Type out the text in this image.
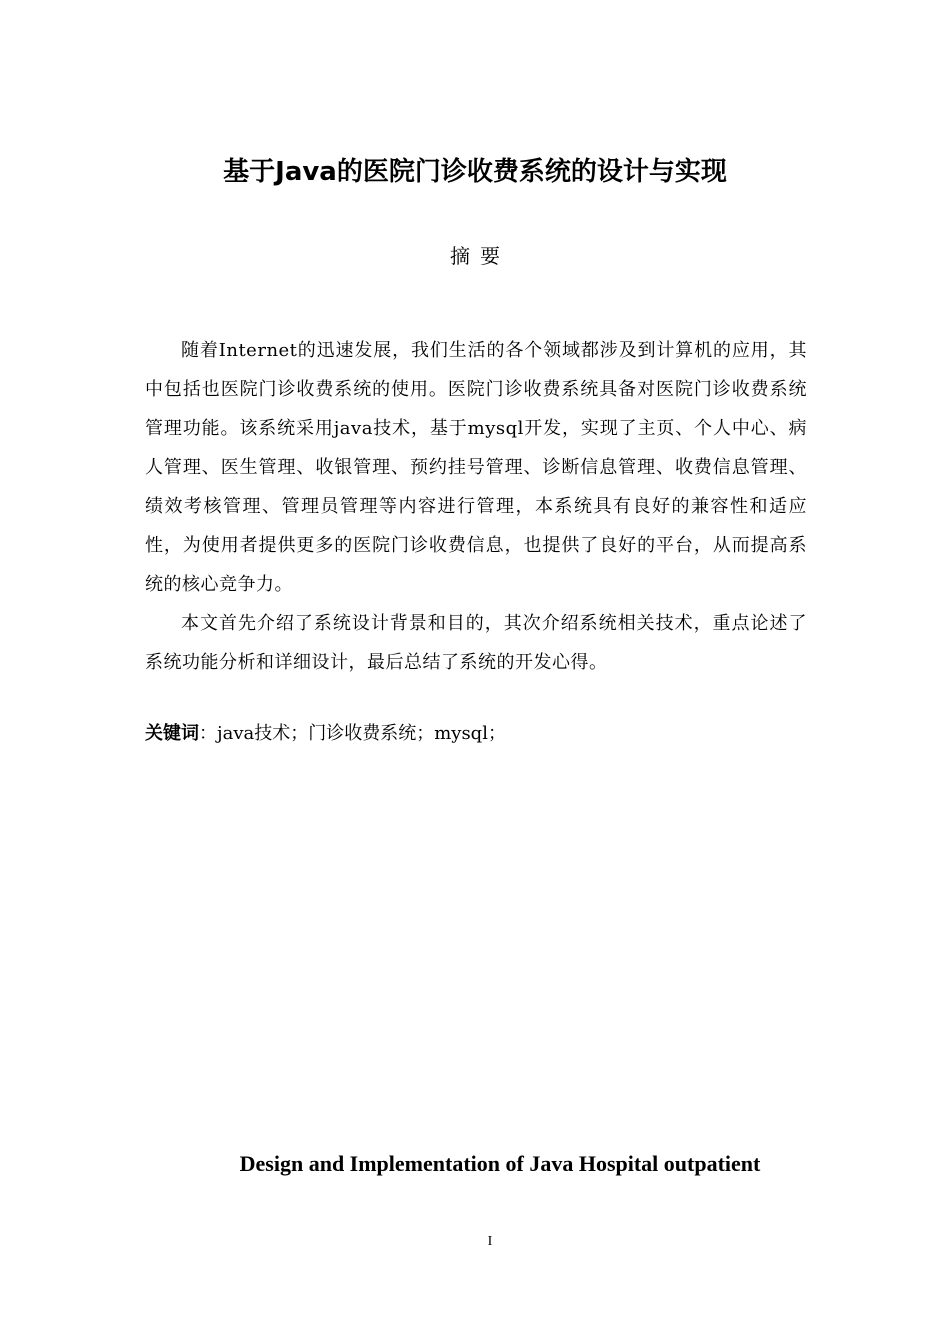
基于Java的医院门诊收费系统的设计与实现
摘要

随着Internet的迅速发展，我们生活的各个领域都涉及到计算机的应用，其中包括也医院门诊收费系统的使用。医院门诊收费系统具备对医院门诊收费系统管理功能。该系统采用java技术，基于mysql开发，实现了主页、个人中心、病人管理、医生管理、收银管理、预约挂号管理、诊断信息管理、收费信息管理、绩效考核管理、管理员管理等内容进行管理，本系统具有良好的兼容性和适应性，为使用者提供更多的医院门诊收费信息，也提供了良好的平台，从而提高系统的核心竞争力。

本文首先介绍了系统设计背景和目的，其次介绍系统相关技术，重点论述了系统功能分析和详细设计，最后总结了系统的开发心得。

关键词：java技术；门诊收费系统；mysql；
Design and Implementation of Java Hospital outpatient
I
